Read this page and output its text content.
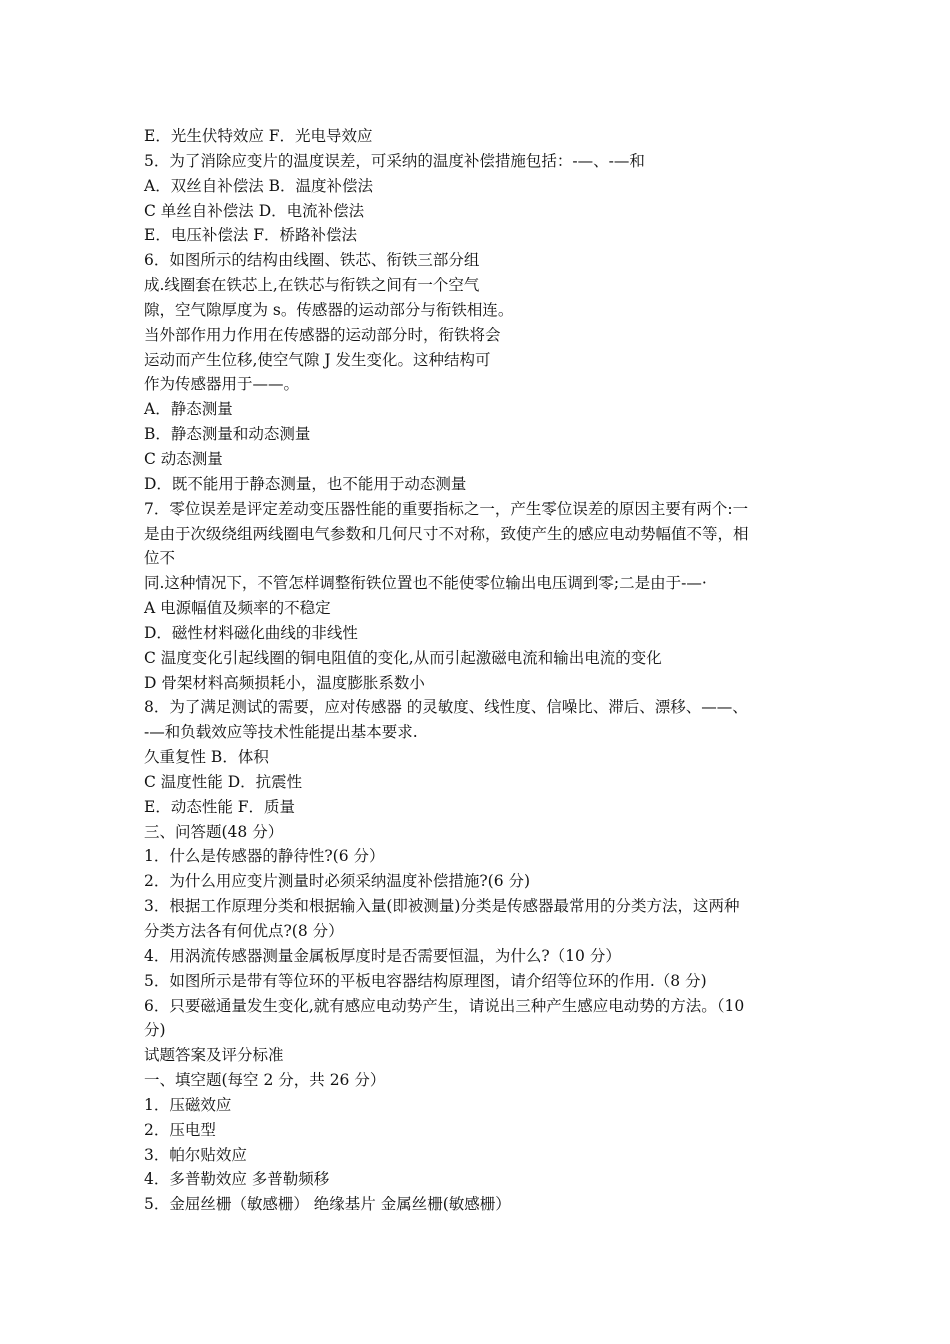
E．光生伏特效应 F．光电导效应

5．为了消除应变片的温度误差，可采纳的温度补偿措施包括：-—、-—和

A．双丝自补偿法 B．温度补偿法

C 单丝自补偿法 D．电流补偿法

E．电压补偿法 F．桥路补偿法

6．如图所示的结构由线圈、铁芯、衔铁三部分组

成.线圈套在铁芯上,在铁芯与衔铁之间有一个空气

隙，空气隙厚度为 s。传感器的运动部分与衔铁相连。

当外部作用力作用在传感器的运动部分时，衔铁将会

运动而产生位移,使空气隙 J 发生变化。这种结构可

作为传感器用于——。

A．静态测量

B．静态测量和动态测量

C 动态测量

D．既不能用于静态测量，也不能用于动态测量

7．零位误差是评定差动变压器性能的重要指标之一，产生零位误差的原因主要有两个:一

是由于次级绕组两线圈电气参数和几何尺寸不对称，致使产生的感应电动势幅值不等，相

位不

同.这种情况下，不管怎样调整衔铁位置也不能使零位输出电压调到零;二是由于-—·

A 电源幅值及频率的不稳定

D．磁性材料磁化曲线的非线性

C 温度变化引起线圈的铜电阻值的变化,从而引起激磁电流和输出电流的变化

D 骨架材料高频损耗小，温度膨胀系数小

8．为了满足测试的需要，应对传感器 的灵敏度、线性度、信噪比、滞后、漂移、——、

-—和负载效应等技术性能提出基本要求.

久重复性 B．体积

C 温度性能 D．抗震性

E．动态性能 F．质量

三、问答题(48 分）

1．什么是传感器的静待性?(6 分）

2．为什么用应变片测量时必须采纳温度补偿措施?(6 分)

3．根据工作原理分类和根据输入量(即被测量)分类是传感器最常用的分类方法，这两种

分类方法各有何优点?(8 分）

4．用涡流传感器测量金属板厚度时是否需要恒温，为什么?（10 分）

5．如图所示是带有等位环的平板电容器结构原理图，请介绍等位环的作用.（8 分)

6．只要磁通量发生变化,就有感应电动势产生，请说出三种产生感应电动势的方法。（10

分)

试题答案及评分标准

一、填空题(每空 2 分，共 26 分）

1．压磁效应

2．压电型

3．帕尔贴效应

4．多普勒效应 多普勒频移

5．金屈丝栅（敏感栅） 绝缘基片 金属丝栅(敏感栅）
